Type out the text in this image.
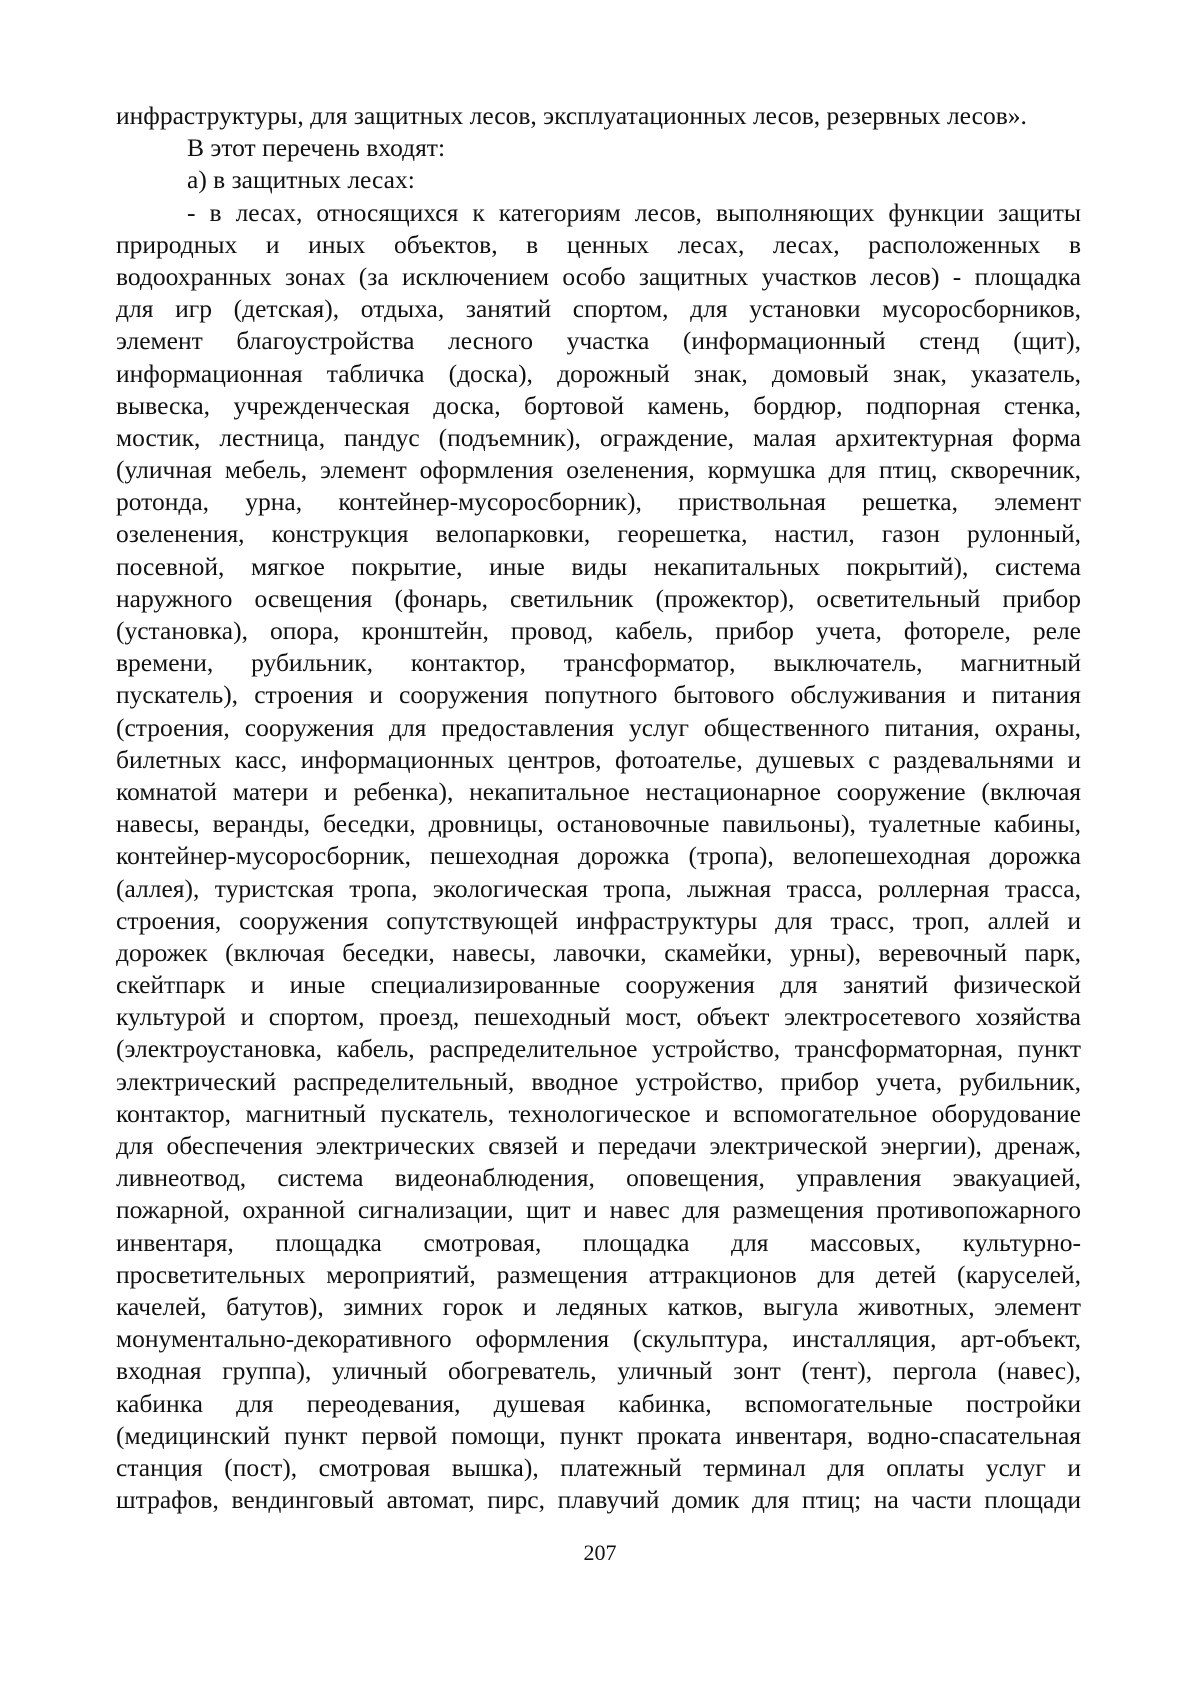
инфраструктуры, для защитных лесов, эксплуатационных лесов, резервных лесов».

В этот перечень входят:

а) в защитных лесах:

- в лесах, относящихся к категориям лесов, выполняющих функции защиты

природных и иных объектов, в ценных лесах, лесах, расположенных в

водоохранных зонах (за исключением особо защитных участков лесов) - площадка

для игр (детская), отдыха, занятий спортом, для установки мусоросборников,

элемент благоустройства лесного участка (информационный стенд (щит),

информационная табличка (доска), дорожный знак, домовый знак, указатель,

вывеска, учрежденческая доска, бортовой камень, бордюр, подпорная стенка,

мостик, лестница, пандус (подъемник), ограждение, малая архитектурная форма

(уличная мебель, элемент оформления озеленения, кормушка для птиц, скворечник,

ротонда, урна, контейнер-мусоросборник), приствольная решетка, элемент

озеленения, конструкция велопарковки, георешетка, настил, газон рулонный,

посевной, мягкое покрытие, иные виды некапитальных покрытий), система

наружного освещения (фонарь, светильник (прожектор), осветительный прибор

(установка), опора, кронштейн, провод, кабель, прибор учета, фотореле, реле

времени, рубильник, контактор, трансформатор, выключатель, магнитный

пускатель), строения и сооружения попутного бытового обслуживания и питания

(строения, сооружения для предоставления услуг общественного питания, охраны,

билетных касс, информационных центров, фотоателье, душевых с раздевальнями и

комнатой матери и ребенка), некапитальное нестационарное сооружение (включая

навесы, веранды, беседки, дровницы, остановочные павильоны), туалетные кабины,

контейнер-мусоросборник, пешеходная дорожка (тропа), велопешеходная дорожка

(аллея), туристская тропа, экологическая тропа, лыжная трасса, роллерная трасса,

строения, сооружения сопутствующей инфраструктуры для трасс, троп, аллей и

дорожек (включая беседки, навесы, лавочки, скамейки, урны), веревочный парк,

скейтпарк и иные специализированные сооружения для занятий физической

культурой и спортом, проезд, пешеходный мост, объект электросетевого хозяйства

(электроустановка, кабель, распределительное устройство, трансформаторная, пункт

электрический распределительный, вводное устройство, прибор учета, рубильник,

контактор, магнитный пускатель, технологическое и вспомогательное оборудование

для обеспечения электрических связей и передачи электрической энергии), дренаж,

ливнеотвод, система видеонаблюдения, оповещения, управления эвакуацией,

пожарной, охранной сигнализации, щит и навес для размещения противопожарного

инвентаря, площадка смотровая, площадка для массовых, культурно-

просветительных мероприятий, размещения аттракционов для детей (каруселей,

качелей, батутов), зимних горок и ледяных катков, выгула животных, элемент

монументально-декоративного оформления (скульптура, инсталляция, арт-объект,

входная группа), уличный обогреватель, уличный зонт (тент), пергола (навес),

кабинка для переодевания, душевая кабинка, вспомогательные постройки

(медицинский пункт первой помощи, пункт проката инвентаря, водно-спасательная

станция (пост), смотровая вышка), платежный терминал для оплаты услуг и

штрафов, вендинговый автомат, пирс, плавучий домик для птиц; на части площади

207
